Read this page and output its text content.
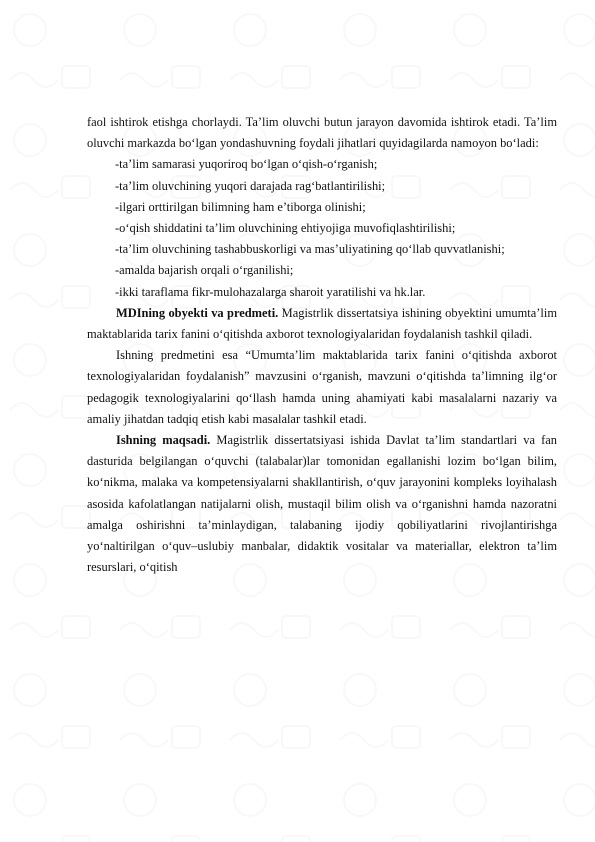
faol ishtirok etishga chorlaydi. Ta’lim oluvchi butun jarayon davomida ishtirok etadi. Ta’lim oluvchi markazda bo‘lgan yondashuvning foydali jihatlari quyidagilarda namoyon bo‘ladi:

-ta’lim samarasi yuqoriroq bo‘lgan o‘qish-o‘rganish;

-ta’lim oluvchining yuqori darajada rag‘batlantirilishi;

-ilgari orttirilgan bilimning ham e’tiborga olinishi;

-o‘qish shiddatini ta’lim oluvchining ehtiyojiga muvofiqlashtirilishi;

-ta’lim oluvchining tashabbuskorligi va mas’uliyatining qo‘llab quvvatlanishi;

-amalda bajarish orqali o‘rganilishi;

-ikki taraflama fikr-mulohazalarga sharoit yaratilishi va hk.lar.

MDIning obyekti va predmeti. Magistrlik dissertatsiya ishining obyektini umumta’lim maktablarida tarix fanini o‘qitishda axborot texnologiyalaridan foydalanish tashkil qiladi.

Ishning predmetini esa “Umumta’lim maktablarida tarix fanini o‘qitishda axborot texnologiyalaridan foydalanish” mavzusini o‘rganish, mavzuni o‘qitishda ta’limning ilg‘or pedagogik texnologiyalarini qo‘llash hamda uning ahamiyati kabi masalalarni nazariy va amaliy jihatdan tadqiq etish kabi masalalar tashkil etadi.

Ishning maqsadi. Magistrlik dissertatsiyasi ishida Davlat ta’lim standartlari va fan dasturida belgilangan o‘quvchi (talabalar)lar tomonidan egallanishi lozim bo‘lgan bilim, ko‘nikma, malaka va kompetensiyalarni shakllantirish, o‘quv jarayonini kompleks loyihalash asosida kafolatlangan natijalarni olish, mustaqil bilim olish va o‘rganishni hamda nazoratni amalga oshirishni ta’minlaydigan, talabaning ijodiy qobiliyatlarini rivojlantirishga yo‘naltirilgan o‘quv–uslubiy manbalar, didaktik vositalar va materiallar, elektron ta’lim resurslari, o‘qitish
